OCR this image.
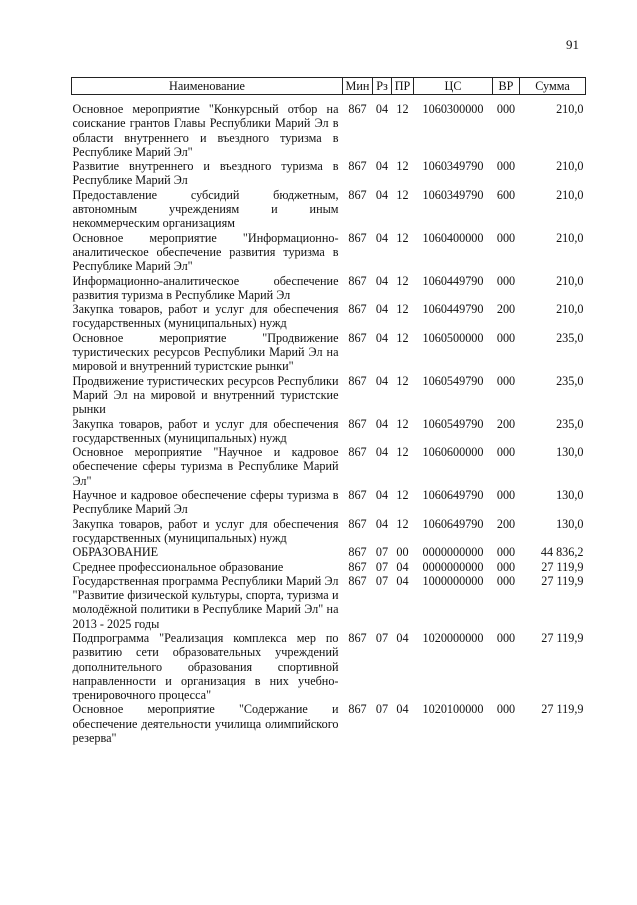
91
Наименование	Мин	Рз	ПР	ЦС	ВР	Сумма
Основное мероприятие "Конкурсный отбор на соискание грантов Главы Республики Марий Эл в области внутреннего и въездного туризма в Республике Марий Эл"	867	04	12	1060300000	000	210,0
Развитие внутреннего и въездного туризма в Республике Марий Эл	867	04	12	1060349790	000	210,0
Предоставление субсидий бюджетным, автономным учреждениям и иным некоммерческим организациям	867	04	12	1060349790	600	210,0
Основное мероприятие "Информационно-аналитическое обеспечение развития туризма в Республике Марий Эл"	867	04	12	1060400000	000	210,0
Информационно-аналитическое обеспечение развития туризма в Республике Марий Эл	867	04	12	1060449790	000	210,0
Закупка товаров, работ и услуг для обеспечения государственных (муниципальных) нужд	867	04	12	1060449790	200	210,0
Основное мероприятие "Продвижение туристических ресурсов Республики Марий Эл на мировой и внутренний туристские рынки"	867	04	12	1060500000	000	235,0
Продвижение туристических ресурсов Республики Марий Эл на мировой и внутренний туристские рынки	867	04	12	1060549790	000	235,0
Закупка товаров, работ и услуг для обеспечения государственных (муниципальных) нужд	867	04	12	1060549790	200	235,0
Основное мероприятие "Научное и кадровое обеспечение сферы туризма в Республике Марий Эл"	867	04	12	1060600000	000	130,0
Научное и кадровое обеспечение сферы туризма в Республике Марий Эл	867	04	12	1060649790	000	130,0
Закупка товаров, работ и услуг для обеспечения государственных (муниципальных) нужд	867	04	12	1060649790	200	130,0
ОБРАЗОВАНИЕ	867	07	00	0000000000	000	44 836,2
Среднее профессиональное образование	867	07	04	0000000000	000	27 119,9
Государственная программа Республики Марий Эл "Развитие физической культуры, спорта, туризма и молодёжной политики в Республике Марий Эл" на 2013 - 2025 годы	867	07	04	1000000000	000	27 119,9
Подпрограмма "Реализация комплекса мер по развитию сети образовательных учреждений дополнительного образования спортивной направленности и организация в них учебно-тренировочного процесса"	867	07	04	1020000000	000	27 119,9
Основное мероприятие "Содержание и обеспечение деятельности училища олимпийского резерва"	867	07	04	1020100000	000	27 119,9
